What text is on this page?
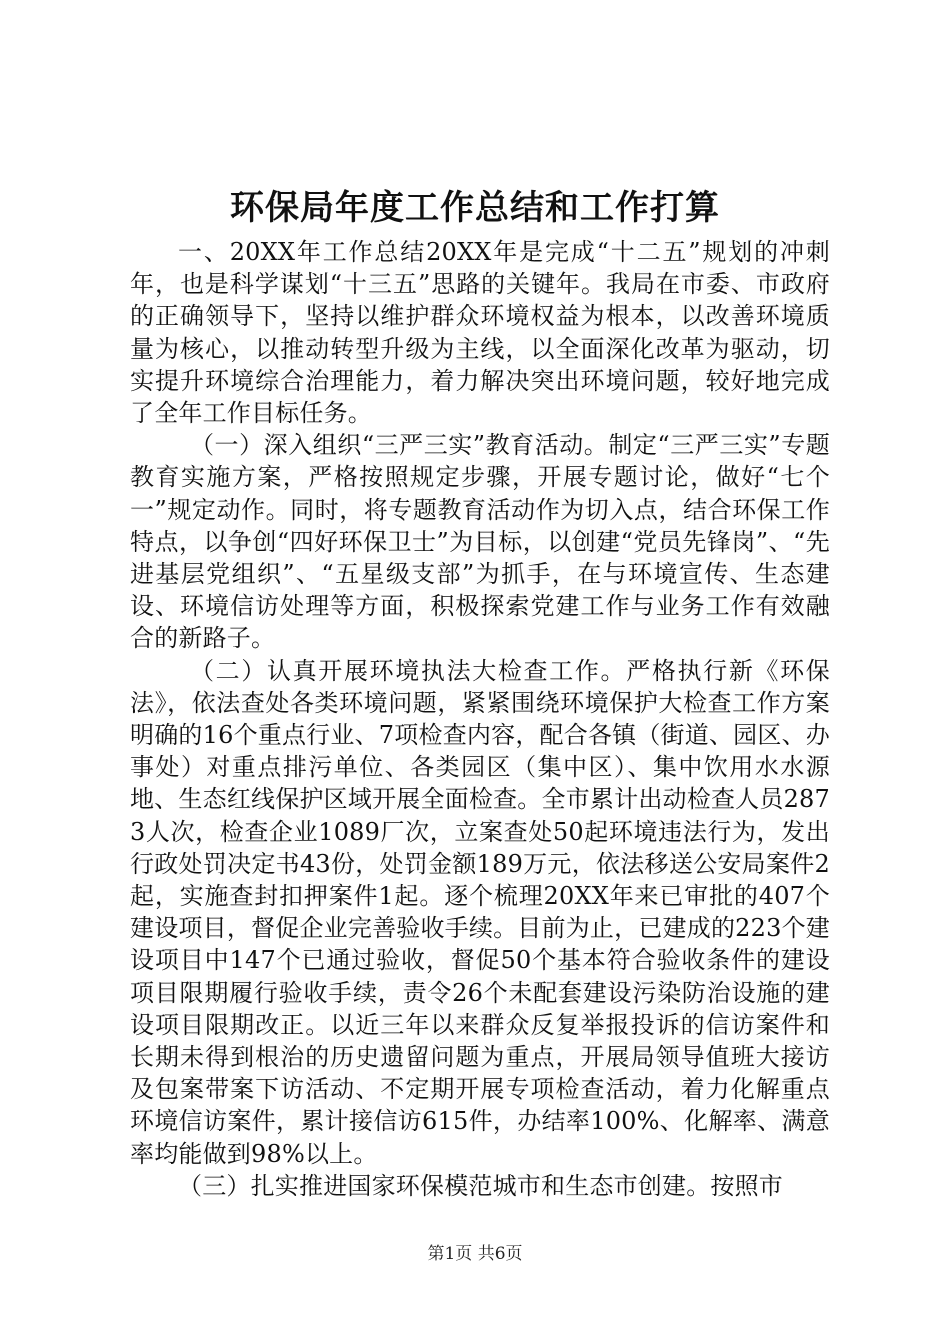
环保局年度工作总结和工作打算

一、20XX年工作总结20XX年是完成“十二五”规划的冲刺年，也是科学谋划“十三五”思路的关键年。我局在市委、市政府的正确领导下，坚持以维护群众环境权益为根本，以改善环境质量为核心，以推动转型升级为主线，以全面深化改革为驱动，切实提升环境综合治理能力，着力解决突出环境问题，较好地完成了全年工作目标任务。

（一）深入组织“三严三实”教育活动。制定“三严三实”专题教育实施方案，严格按照规定步骤，开展专题讨论，做好“七个一”规定动作。同时，将专题教育活动作为切入点，结合环保工作特点，以争创“四好环保卫士”为目标，以创建“党员先锋岗”、“先进基层党组织”、“五星级支部”为抓手，在与环境宣传、生态建设、环境信访处理等方面，积极探索党建工作与业务工作有效融合的新路子。

（二）认真开展环境执法大检查工作。严格执行新《环保法》，依法查处各类环境问题，紧紧围绕环境保护大检查工作方案明确的16个重点行业、7项检查内容，配合各镇（街道、园区、办事处）对重点排污单位、各类园区（集中区）、集中饮用水水源地、生态红线保护区域开展全面检查。全市累计出动检查人员2873人次，检查企业1089厂次，立案查处50起环境违法行为，发出行政处罚决定书43份，处罚金额189万元，依法移送公安局案件2起，实施查封扣押案件1起。逐个梳理20XX年来已审批的407个建设项目，督促企业完善验收手续。目前为止，已建成的223个建设项目中147个已通过验收，督促50个基本符合验收条件的建设项目限期履行验收手续，责令26个未配套建设污染防治设施的建设项目限期改正。以近三年以来群众反复举报投诉的信访案件和长期未得到根治的历史遗留问题为重点，开展局领导值班大接访及包案带案下访活动、不定期开展专项检查活动，着力化解重点环境信访案件，累计接信访615件，办结率100%、化解率、满意率均能做到98%以上。

（三）扎实推进国家环保模范城市和生态市创建。按照市

第1页 共6页
